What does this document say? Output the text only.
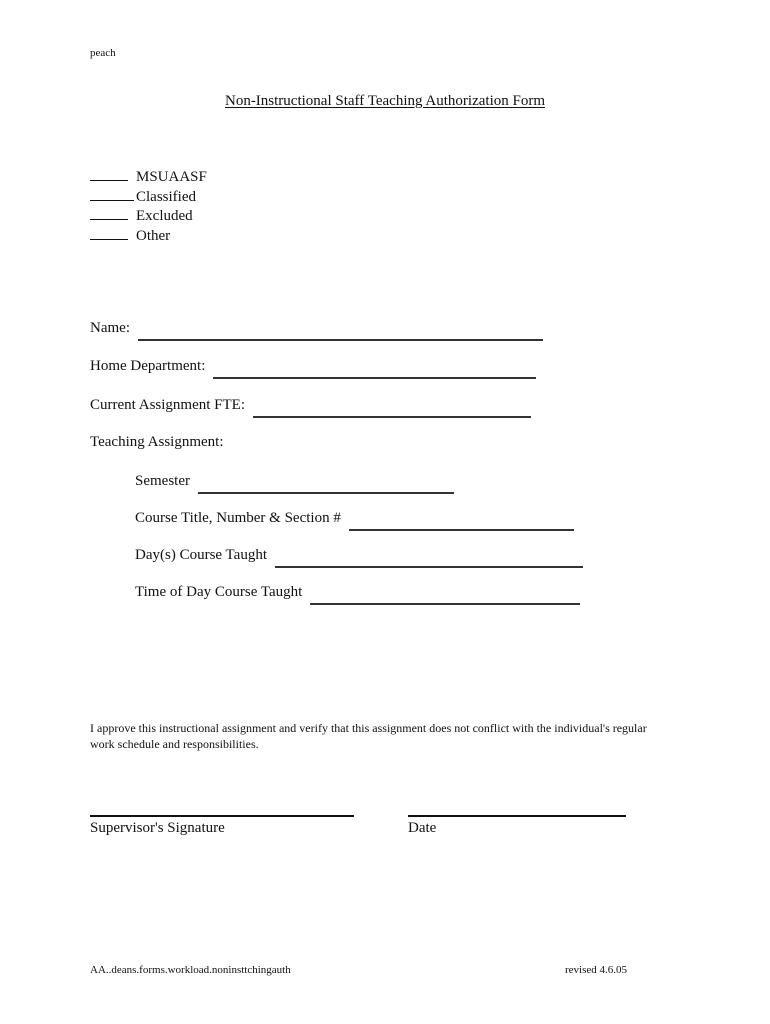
peach
Non-Instructional Staff Teaching Authorization Form
MSUAASF
Classified
Excluded
Other
Name:
Home Department:
Current Assignment FTE:
Teaching Assignment:
Semester
Course Title, Number & Section #
Day(s) Course Taught
Time of Day Course Taught
I approve this instructional assignment and verify that this assignment does not conflict with the individual's regular work schedule and responsibilities.
Supervisor's Signature	Date
AA..deans.forms.workload.noninsttchingauth	revised 4.6.05
